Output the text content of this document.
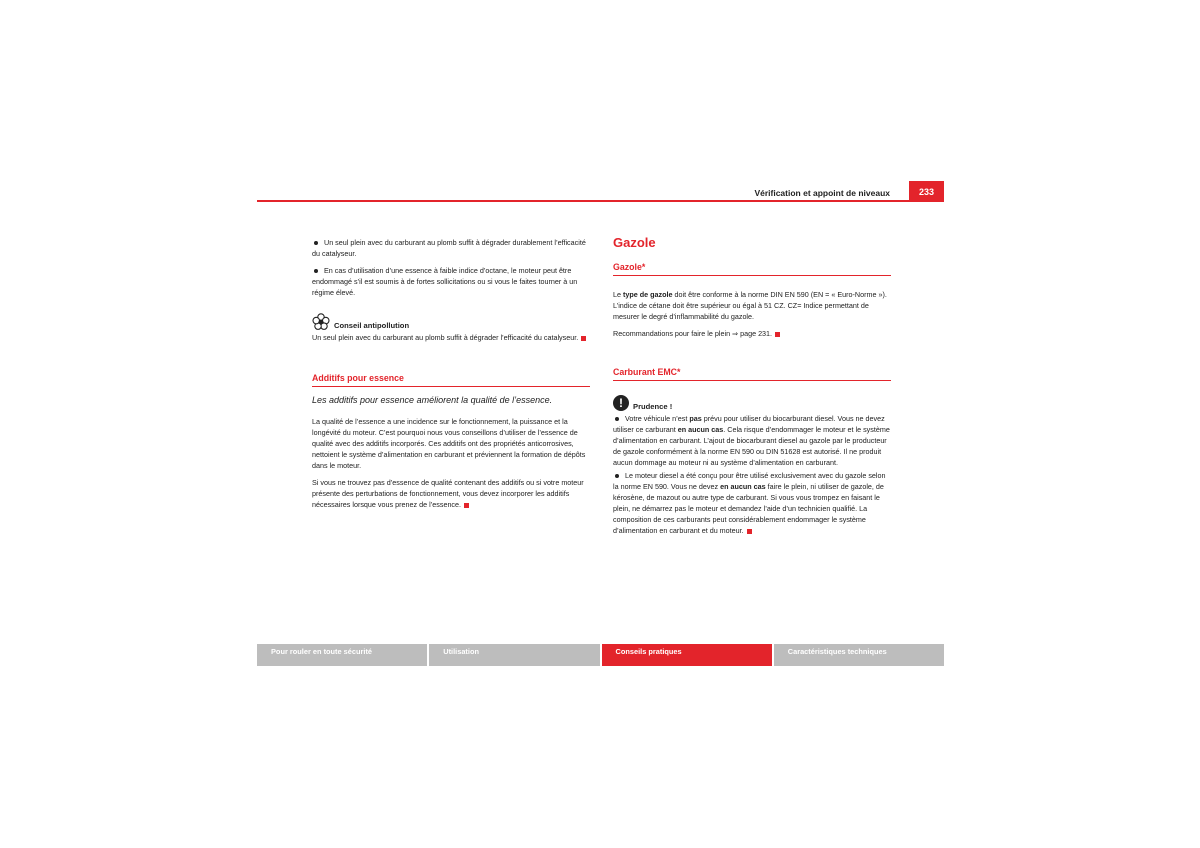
Vérification et appoint de niveaux	233

Un seul plein avec du carburant au plomb suffit à dégrader durablement l’efficacité du catalyseur.

En cas d’utilisation d’une essence à faible indice d’octane, le moteur peut être endommagé s’il est soumis à de fortes sollicitations ou si vous le faites tourner à un régime élevé.

Conseil antipollution

Un seul plein avec du carburant au plomb suffit à dégrader l’efficacité du catalyseur.

Additifs pour essence
Les additifs pour essence améliorent la qualité de l’essence.

La qualité de l’essence a une incidence sur le fonctionnement, la puissance et la longévité du moteur. C’est pourquoi nous vous conseillons d’utiliser de l’essence de qualité avec des additifs incorporés. Ces additifs ont des propriétés anticorrosives, nettoient le système d’alimentation en carburant et préviennent la formation de dépôts dans le moteur.

Si vous ne trouvez pas d’essence de qualité contenant des additifs ou si votre moteur présente des perturbations de fonctionnement, vous devez incorporer les additifs nécessaires lorsque vous prenez de l’essence.

Gazole
Gazole*

Le type de gazole doit être conforme à la norme DIN EN 590 (EN = « Euro-Norme »). L’indice de cétane doit être supérieur ou égal à 51 CZ. CZ= Indice permettant de mesurer le degré d’inflammabilité du gazole.

Recommandations pour faire le plein ⇒ page 231.

Carburant EMC*
!	Prudence !

Votre véhicule n’est pas prévu pour utiliser du biocarburant diesel. Vous ne devez utiliser ce carburant en aucun cas. Cela risque d’endommager le moteur et le système d’alimentation en carburant. L’ajout de biocarburant diesel au gazole par le producteur de gazole conformément à la norme EN 590 ou DIN 51628 est autorisé. Il ne produit aucun dommage au moteur ni au système d’alimentation en carburant.

Le moteur diesel a été conçu pour être utilisé exclusivement avec du gazole selon la norme EN 590. Vous ne devez en aucun cas faire le plein, ni utiliser de gazole, de kérosène, de mazout ou autre type de carburant. Si vous vous trompez en faisant le plein, ne démarrez pas le moteur et demandez l’aide d’un technicien qualifié. La composition de ces carburants peut considérablement endommager le système d’alimentation en carburant et du moteur.

Pour rouler en toute sécurité	Utilisation	Conseils pratiques	Caractéristiques techniques
